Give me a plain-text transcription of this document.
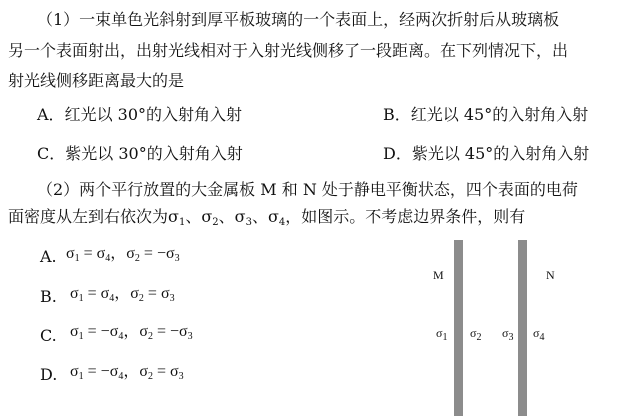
（1）一束单色光斜射到厚平板玻璃的一个表面上，经两次折射后从玻璃板
另一个表面射出，出射光线相对于入射光线侧移了一段距离。在下列情况下，出
射光线侧移距离最大的是
A．红光以 30°的入射角入射	B．红光以 45°的入射角入射
C．紫光以 30°的入射角入射	D．紫光以 45°的入射角入射
（2）两个平行放置的大金属板 M 和 N 处于静电平衡状态，四个表面的电荷
面密度从左到右依次为$\sigma_1$、$\sigma_2$、$\sigma_3$、$\sigma_4$，如图示。不考虑边界条件，则有
A. $\sigma_1 = \sigma_4$，$\sigma_2 = -\sigma_3$
B. $\sigma_1 = \sigma_4$，$\sigma_2 = \sigma_3$
C. $\sigma_1 = -\sigma_4$，$\sigma_2 = -\sigma_3$
D. $\sigma_1 = -\sigma_4$，$\sigma_2 = \sigma_3$
M	N
$\sigma_1$ $\sigma_2$ $\sigma_3$ $\sigma_4$
